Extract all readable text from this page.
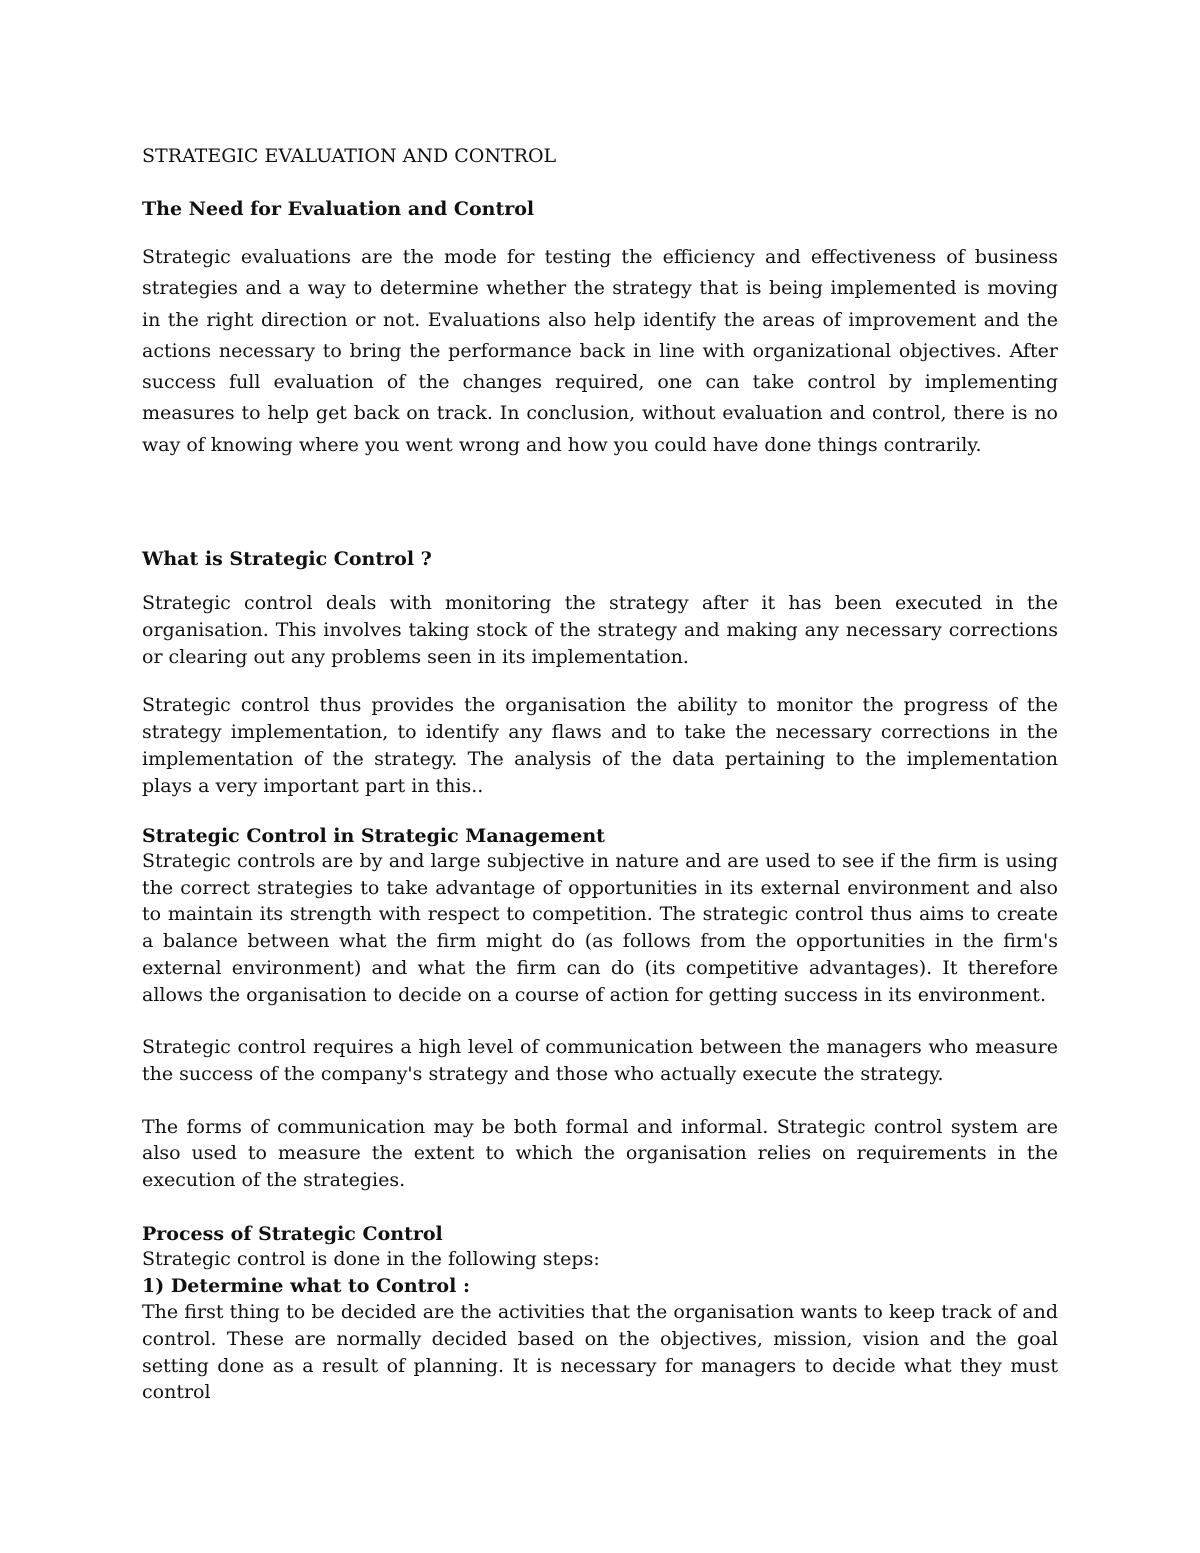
STRATEGIC EVALUATION AND CONTROL

The Need for Evaluation and Control

Strategic evaluations are the mode for testing the efficiency and effectiveness of business strategies and a way to determine whether the strategy that is being implemented is moving in the right direction or not. Evaluations also help identify the areas of improvement and the actions necessary to bring the performance back in line with organizational objectives. After success full evaluation of the changes required, one can take control by implementing measures to help get back on track. In conclusion, without evaluation and control, there is no way of knowing where you went wrong and how you could have done things contrarily.

What is Strategic Control ?

Strategic control deals with monitoring the strategy after it has been executed in the organisation. This involves taking stock of the strategy and making any necessary corrections or clearing out any problems seen in its implementation.

Strategic control thus provides the organisation the ability to monitor the progress of the strategy implementation, to identify any flaws and to take the necessary corrections in the implementation of the strategy. The analysis of the data pertaining to the implementation plays a very important part in this..

Strategic Control in Strategic Management

Strategic controls are by and large subjective in nature and are used to see if the firm is using the correct strategies to take advantage of opportunities in its external environment and also to maintain its strength with respect to competition. The strategic control thus aims to create a balance between what the firm might do (as follows from the opportunities in the firm's external environment) and what the firm can do (its competitive advantages). It therefore allows the organisation to decide on a course of action for getting success in its environment.

Strategic control requires a high level of communication between the managers who measure the success of the company's strategy and those who actually execute the strategy.

The forms of communication may be both formal and informal. Strategic control system are also used to measure the extent to which the organisation relies on requirements in the execution of the strategies.

Process of Strategic Control

Strategic control is done in the following steps:

1) Determine what to Control :

The first thing to be decided are the activities that the organisation wants to keep track of and control. These are normally decided based on the objectives, mission, vision and the goal setting done as a result of planning. It is necessary for managers to decide what they must control
